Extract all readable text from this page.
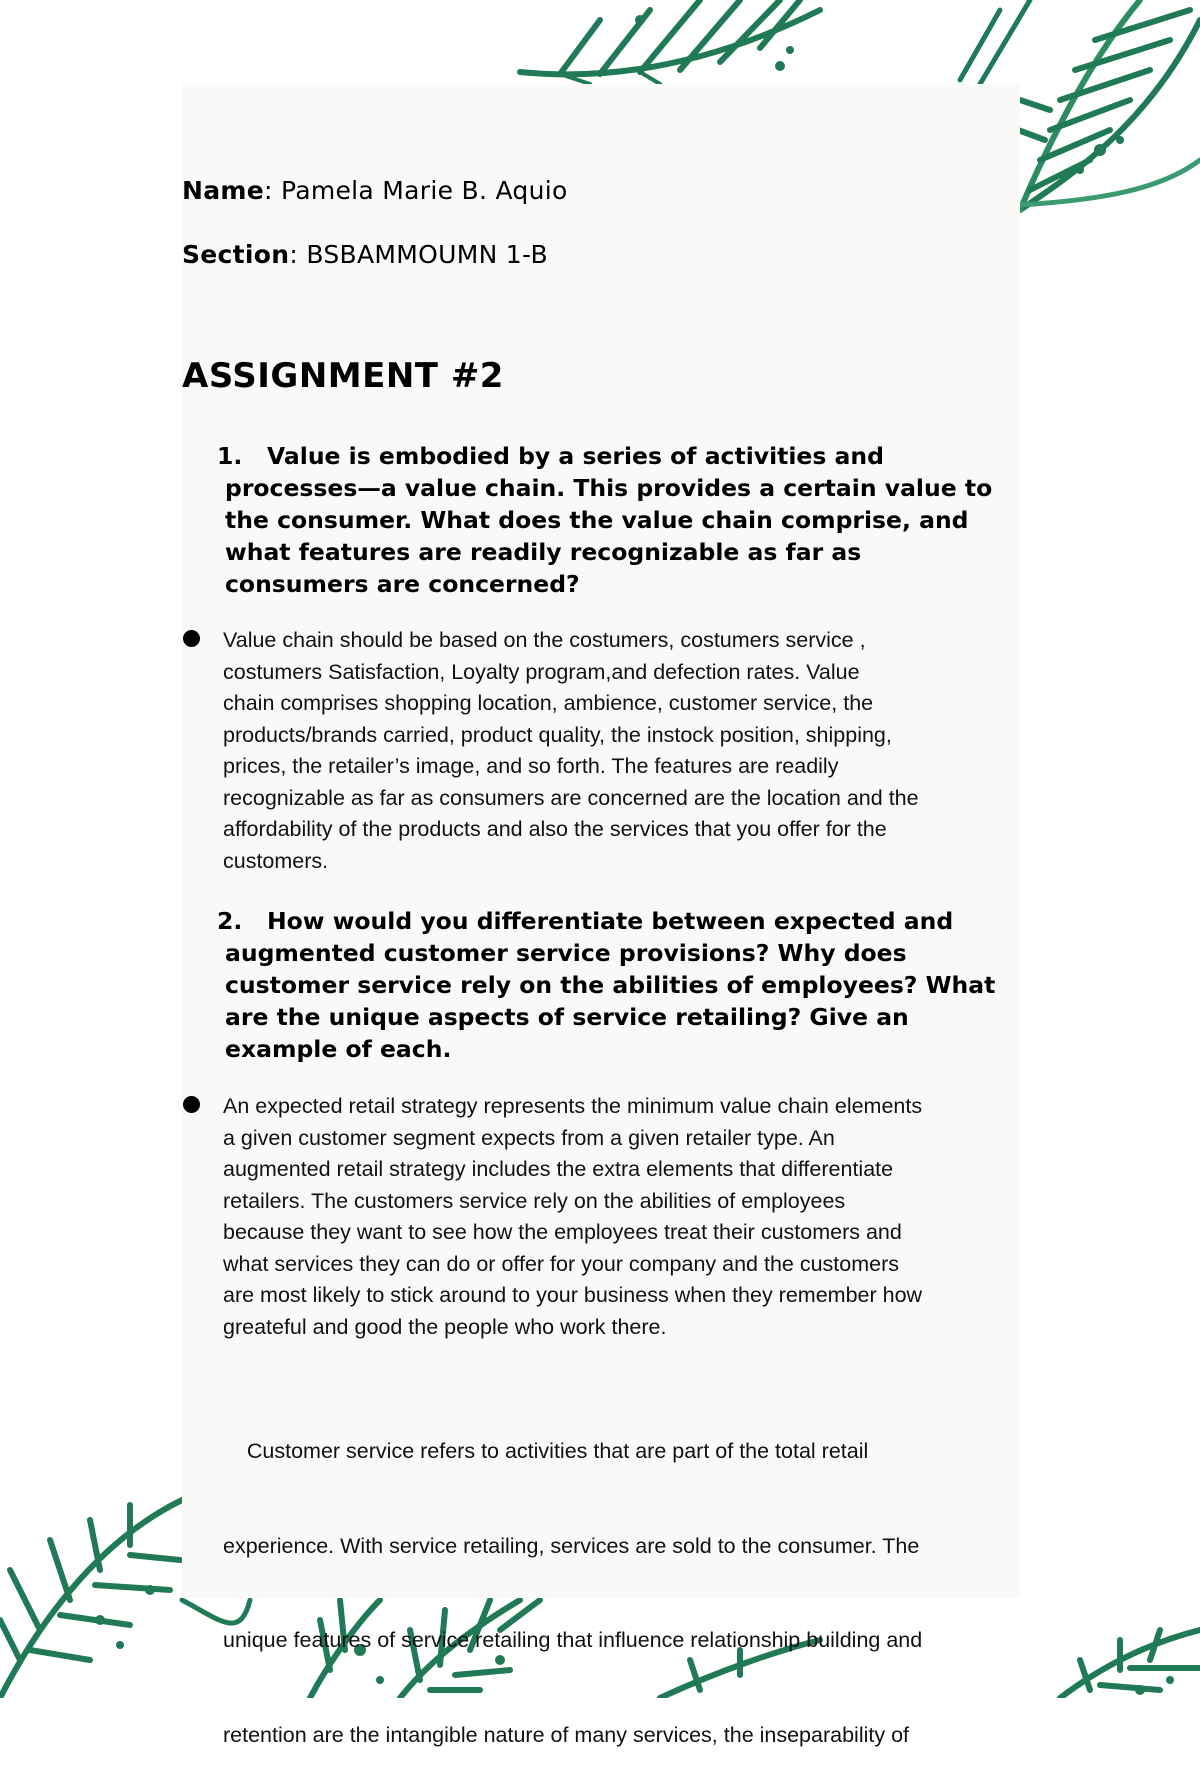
Name: Pamela Marie B. Aquio
Section: BSBAMMOUMN 1-B
ASSIGNMENT #2
1.	Value is embodied by a series of activities and
processes—a value chain. This provides a certain value to
the consumer. What does the value chain comprise, and
what features are readily recognizable as far as
consumers are concerned?
Value chain should be based on the costumers, costumers service ,
costumers Satisfaction, Loyalty program,and defection rates. Value
chain comprises shopping location, ambience, customer service, the
products/brands carried, product quality, the instock position, shipping,
prices, the retailer’s image, and so forth. The features are readily
recognizable as far as consumers are concerned are the location and the
affordability of the products and also the services that you offer for the
customers.
2.	How would you differentiate between expected and
augmented customer service provisions? Why does
customer service rely on the abilities of employees? What
are the unique aspects of service retailing? Give an
example of each.
An expected retail strategy represents the minimum value chain elements
a given customer segment expects from a given retailer type. An
augmented retail strategy includes the extra elements that differentiate
retailers. The customers service rely on the abilities of employees
because they want to see how the employees treat their customers and
what services they can do or offer for your company and the customers
are most likely to stick around to your business when they remember how
greateful and good the people who work there.

Customer service refers to activities that are part of the total retail

experience. With service retailing, services are sold to the consumer. The

unique features of service retailing that influence relationship building and

retention are the intangible nature of many services, the inseparability of
